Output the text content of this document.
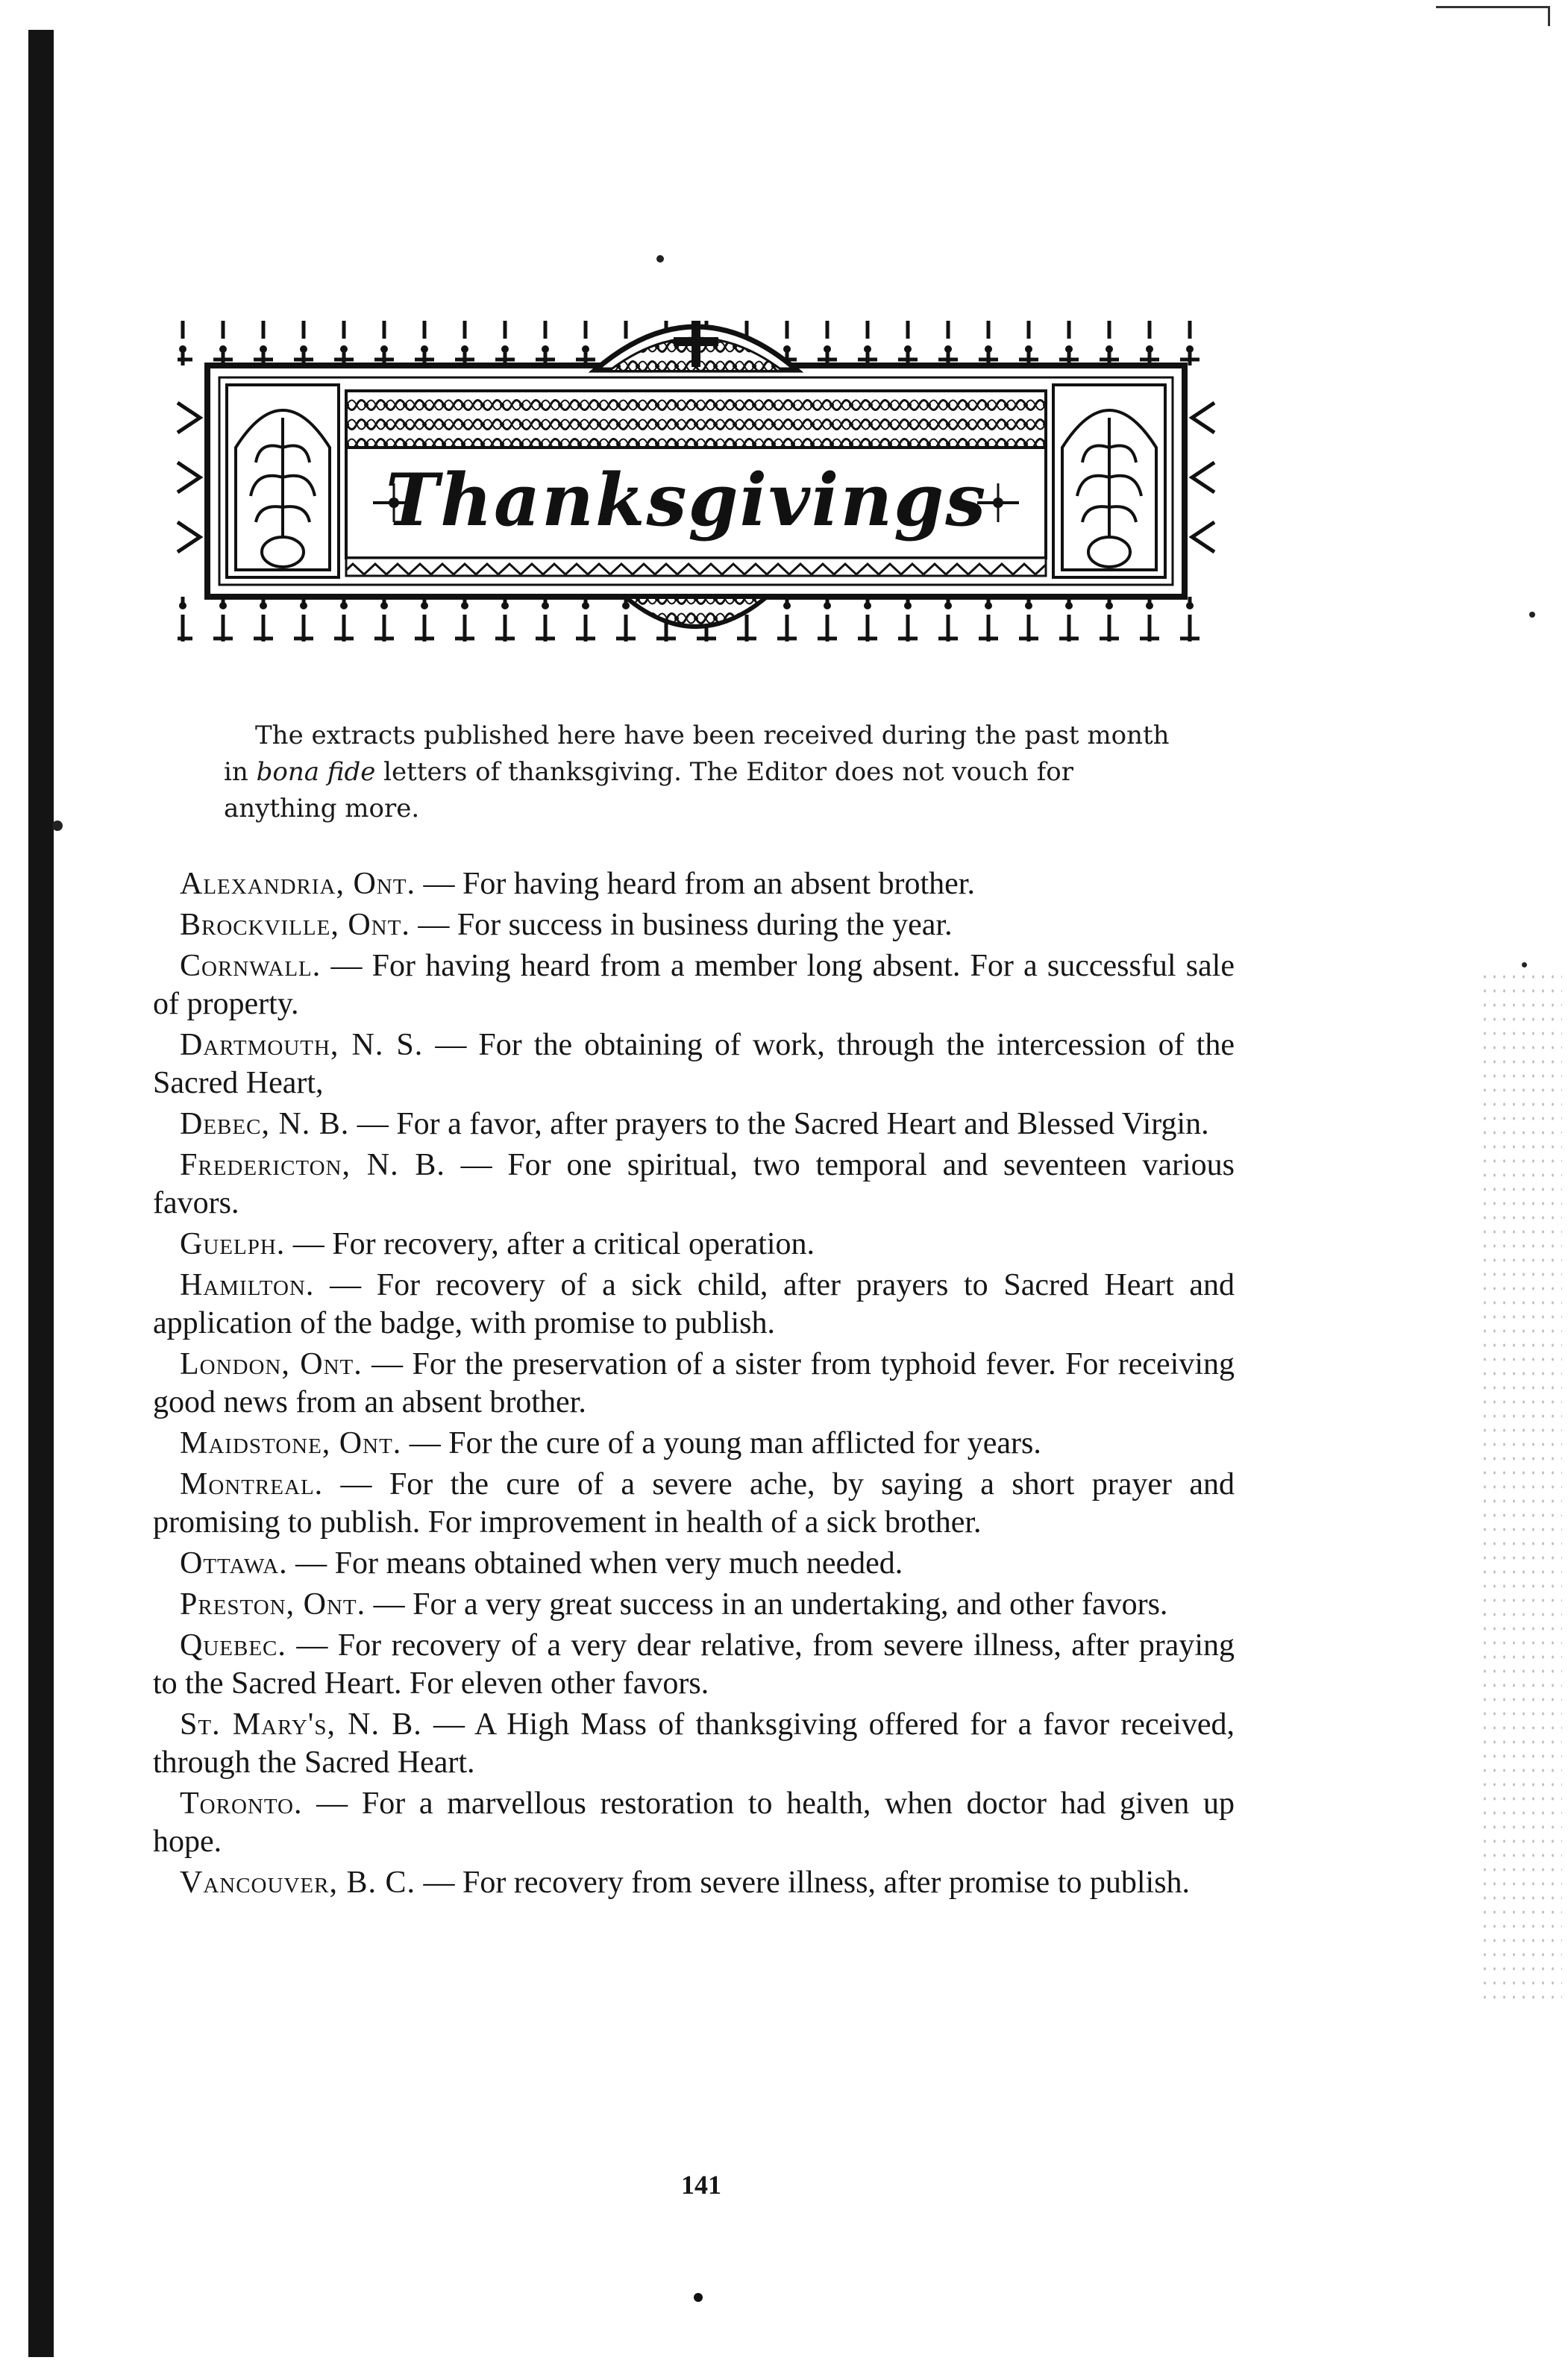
Thanksgivings
The extracts published here have been received during the past month in bona fide letters of thanksgiving. The Editor does not vouch for anything more.

Alexandria, Ont. — For having heard from an absent brother.

Brockville, Ont. — For success in business during the year.

Cornwall. — For having heard from a member long absent. For a successful sale of property.

Dartmouth, N. S. — For the obtaining of work, through the intercession of the Sacred Heart,

Debec, N. B. — For a favor, after prayers to the Sacred Heart and Blessed Virgin.

Fredericton, N. B. — For one spiritual, two temporal and seventeen various favors.

Guelph. — For recovery, after a critical operation.

Hamilton. — For recovery of a sick child, after prayers to Sacred Heart and application of the badge, with promise to publish.

London, Ont. — For the preservation of a sister from typhoid fever. For receiving good news from an absent brother.

Maidstone, Ont. — For the cure of a young man afflicted for years.

Montreal. — For the cure of a severe ache, by saying a short prayer and promising to publish. For improvement in health of a sick brother.

Ottawa. — For means obtained when very much needed.

Preston, Ont. — For a very great success in an undertaking, and other favors.

Quebec. — For recovery of a very dear relative, from severe illness, after praying to the Sacred Heart. For eleven other favors.

St. Mary's, N. B. — A High Mass of thanksgiving offered for a favor received, through the Sacred Heart.

Toronto. — For a marvellous restoration to health, when doctor had given up hope.

Vancouver, B. C. — For recovery from severe illness, after promise to publish.

141
